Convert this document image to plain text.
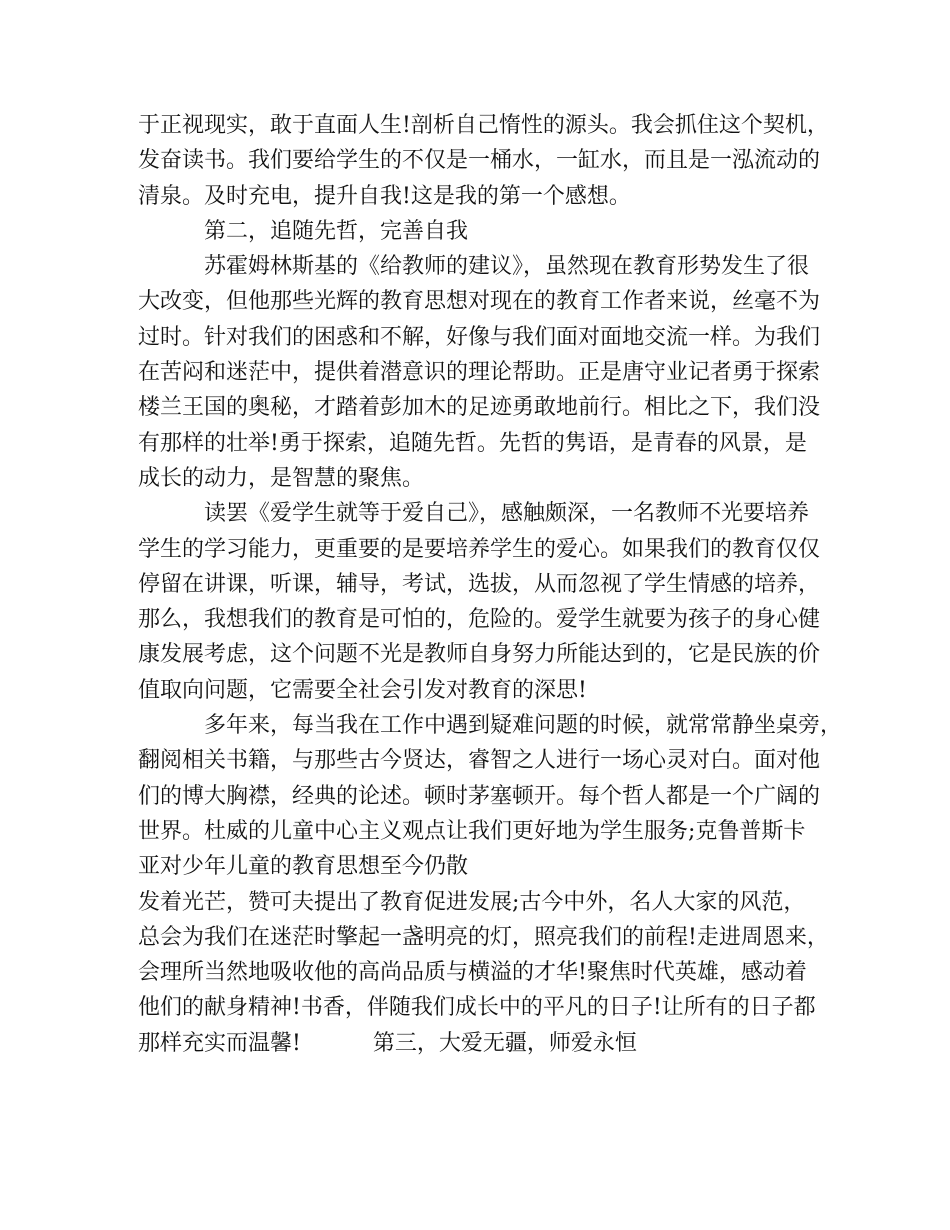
于正视现实，敢于直面人生!剖析自己惰性的源头。我会抓住这个契机，
发奋读书。我们要给学生的不仅是一桶水，一缸水，而且是一泓流动的
清泉。及时充电，提升自我!这是我的第一个感想。
第二，追随先哲，完善自我
苏霍姆林斯基的《给教师的建议》，虽然现在教育形势发生了很
大改变，但他那些光辉的教育思想对现在的教育工作者来说，丝毫不为
过时。针对我们的困惑和不解，好像与我们面对面地交流一样。为我们
在苦闷和迷茫中，提供着潜意识的理论帮助。正是唐守业记者勇于探索
楼兰王国的奥秘，才踏着彭加木的足迹勇敢地前行。相比之下，我们没
有那样的壮举!勇于探索，追随先哲。先哲的隽语，是青春的风景，是
成长的动力，是智慧的聚焦。
读罢《爱学生就等于爱自己》，感触颇深，一名教师不光要培养
学生的学习能力，更重要的是要培养学生的爱心。如果我们的教育仅仅
停留在讲课，听课，辅导，考试，选拔，从而忽视了学生情感的培养，
那么，我想我们的教育是可怕的，危险的。爱学生就要为孩子的身心健
康发展考虑，这个问题不光是教师自身努力所能达到的，它是民族的价
值取向问题，它需要全社会引发对教育的深思!
多年来，每当我在工作中遇到疑难问题的时候，就常常静坐桌旁，
翻阅相关书籍，与那些古今贤达，睿智之人进行一场心灵对白。面对他
们的博大胸襟，经典的论述。顿时茅塞顿开。每个哲人都是一个广阔的
世界。杜威的儿童中心主义观点让我们更好地为学生服务;克鲁普斯卡
亚对少年儿童的教育思想至今仍散
发着光芒，赞可夫提出了教育促进发展;古今中外，名人大家的风范，
总会为我们在迷茫时擎起一盏明亮的灯，照亮我们的前程!走进周恩来，
会理所当然地吸收他的高尚品质与横溢的才华!聚焦时代英雄，感动着
他们的献身精神!书香，伴随我们成长中的平凡的日子!让所有的日子都
那样充实而温馨!	第三，大爱无疆，师爱永恒
